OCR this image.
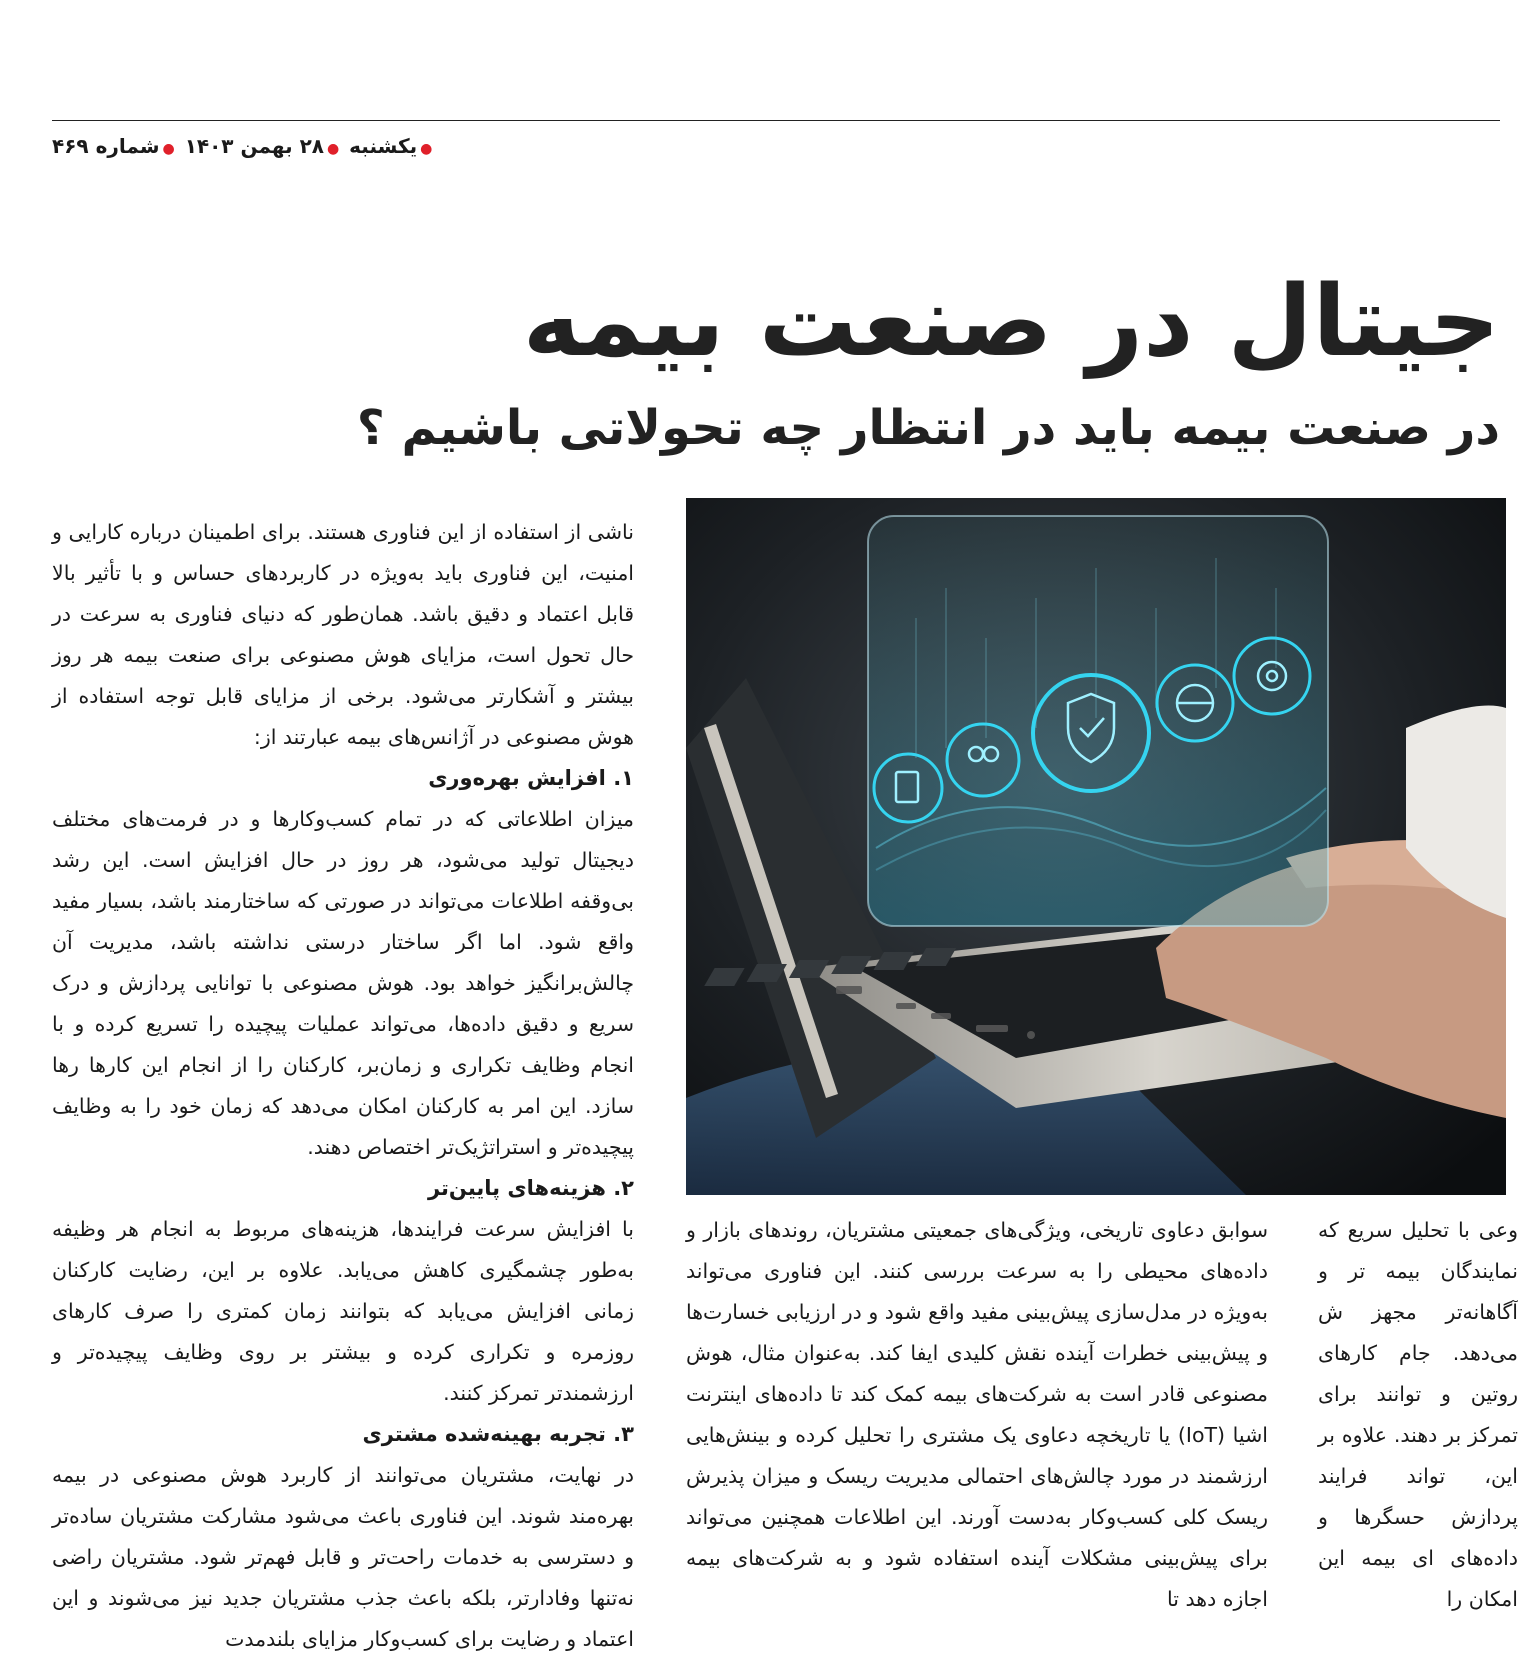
●یکشنبه ●۲۸ بهمن ۱۴۰۳ ●شماره ۴۶۹
جیتال در صنعت بیمه
در صنعت بیمه باید در انتظار چه تحولاتی باشیم ؟

ناشی از استفاده از این فناوری هستند. برای اطمینان درباره کارایی و امنیت، این فناوری باید به‌ویژه در کاربردهای حساس و با تأثیر بالا قابل اعتماد و دقیق باشد. همان‌طور که دنیای فناوری به سرعت در حال تحول است، مزایای هوش مصنوعی برای صنعت بیمه هر روز بیشتر و آشکارتر می‌شود. برخی از مزایای قابل توجه استفاده از هوش مصنوعی در آژانس‌های بیمه عبارتند از:

۱. افزایش بهره‌وری

میزان اطلاعاتی که در تمام کسب‌وکارها و در فرمت‌های مختلف دیجیتال تولید می‌شود، هر روز در حال افزایش است. این رشد بی‌وقفه اطلاعات می‌تواند در صورتی که ساختارمند باشد، بسیار مفید واقع شود. اما اگر ساختار درستی نداشته باشد، مدیریت آن چالش‌برانگیز خواهد بود. هوش مصنوعی با توانایی پردازش و درک سریع و دقیق داده‌ها، می‌تواند عملیات پیچیده را تسریع کرده و با انجام وظایف تکراری و زمان‌بر، کارکنان را از انجام این کارها رها سازد. این امر به کارکنان امکان می‌دهد که زمان خود را به وظایف پیچیده‌تر و استراتژیک‌تر اختصاص دهند.

۲. هزینه‌های پایین‌تر

با افزایش سرعت فرایندها، هزینه‌های مربوط به انجام هر وظیفه به‌طور چشمگیری کاهش می‌یابد. علاوه بر این، رضایت کارکنان زمانی افزایش می‌یابد که بتوانند زمان کمتری را صرف کارهای روزمره و تکراری کرده و بیشتر بر روی وظایف پیچیده‌تر و ارزشمندتر تمرکز کنند.

۳. تجربه بهینه‌شده مشتری

در نهایت، مشتریان می‌توانند از کاربرد هوش مصنوعی در بیمه بهره‌مند شوند. این فناوری باعث می‌شود مشارکت مشتریان ساده‌تر و دسترسی به خدمات راحت‌تر و قابل فهم‌تر شود. مشتریان راضی نه‌تنها وفادارتر، بلکه باعث جذب مشتریان جدید نیز می‌شوند و این اعتماد و رضایت برای کسب‌وکار مزایای بلندمدت

سوابق دعاوی تاریخی، ویژگی‌های جمعیتی مشتریان، روندهای بازار و داده‌های محیطی را به سرعت بررسی کنند. این فناوری می‌تواند به‌ویژه در مدل‌سازی پیش‌بینی مفید واقع شود و در ارزیابی خسارت‌ها و پیش‌بینی خطرات آینده نقش کلیدی ایفا کند. به‌عنوان مثال، هوش مصنوعی قادر است به شرکت‌های بیمه کمک کند تا داده‌های اینترنت اشیا (IoT) یا تاریخچه دعاوی یک مشتری را تحلیل کرده و بینش‌هایی ارزشمند در مورد چالش‌های احتمالی مدیریت ریسک و میزان پذیرش ریسک کلی کسب‌وکار به‌دست آورند. این اطلاعات همچنین می‌تواند برای پیش‌بینی مشکلات آینده استفاده شود و به شرکت‌های بیمه اجازه دهد تا

وعی با تحلیل سریع که نمایندگان بیمه تر و آگاهانه‌تر مجهز ش می‌دهد. جام کارهای روتین و توانند برای تمرکز بر دهند. علاوه بر این، تواند فرایند پردازش حسگرها و داده‌های ای بیمه این امکان را
